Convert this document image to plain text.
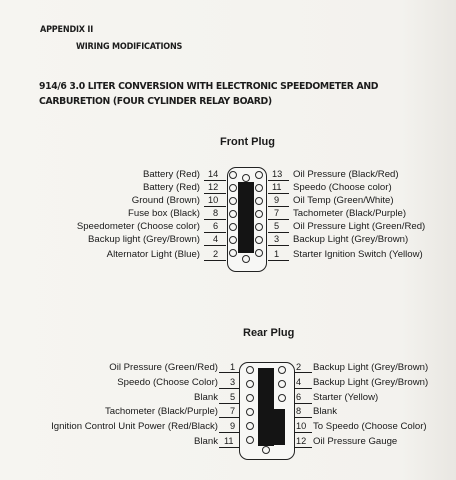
APPENDIX II
WIRING MODIFICATIONS
914/6 3.0 LITER CONVERSION WITH ELECTRONIC SPEEDOMETER AND CARBURETION (FOUR CYLINDER RELAY BOARD)
Front Plug
Battery (Red) 14
Battery (Red) 12
Ground (Brown) 10
Fuse box (Black) 8
Speedometer (Choose color) 6
Backup light (Grey/Brown) 4
Alternator Light (Blue) 2
13 Oil Pressure (Black/Red)
11 Speedo (Choose color)
9 Oil Temp (Green/White)
7 Tachometer (Black/Purple)
5 Oil Pressure Light (Green/Red)
3 Backup Light (Grey/Brown)
1 Starter Ignition Switch (Yellow)
Rear Plug
Oil Pressure (Green/Red) 1
Speedo (Choose Color) 3
Blank 5
Tachometer (Black/Purple) 7
Ignition Control Unit Power (Red/Black) 9
Blank 11
2 Backup Light (Grey/Brown)
4 Backup Light (Grey/Brown)
6 Starter (Yellow)
8 Blank
10 To Speedo (Choose Color)
12 Oil Pressure Gauge
